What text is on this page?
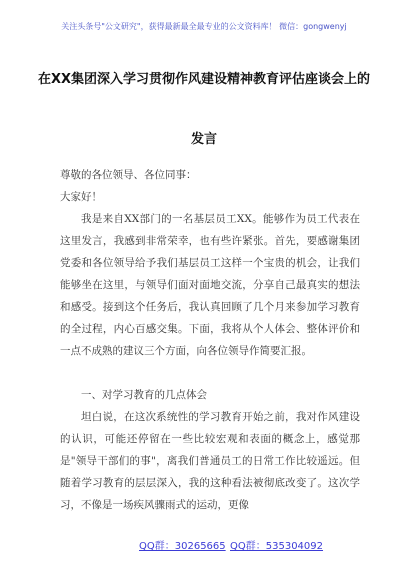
关注头条号"公文研究"，获得最新最全最专业的公文资料库！ 微信：gongwenyj
在XX集团深入学习贯彻作风建设精神教育评估座谈会上的
发言

尊敬的各位领导、各位同事：

大家好！

我是来自XX部门的一名基层员工XX。能够作为员工代表在这里发言，我感到非常荣幸，也有些许紧张。首先，要感谢集团党委和各位领导给予我们基层员工这样一个宝贵的机会，让我们能够坐在这里，与领导们面对面地交流，分享自己最真实的想法和感受。接到这个任务后，我认真回顾了几个月来参加学习教育的全过程，内心百感交集。下面，我将从个人体会、整体评价和一点不成熟的建议三个方面，向各位领导作简要汇报。

一、对学习教育的几点体会

坦白说，在这次系统性的学习教育开始之前，我对作风建设的认识，可能还停留在一些比较宏观和表面的概念上，感觉那是"领导干部们的事"，离我们普通员工的日常工作比较遥远。但随着学习教育的层层深入，我的这种看法被彻底改变了。这次学习，不像是一场疾风骤雨式的运动，更像

QQ群：30265665 QQ群：535304092
